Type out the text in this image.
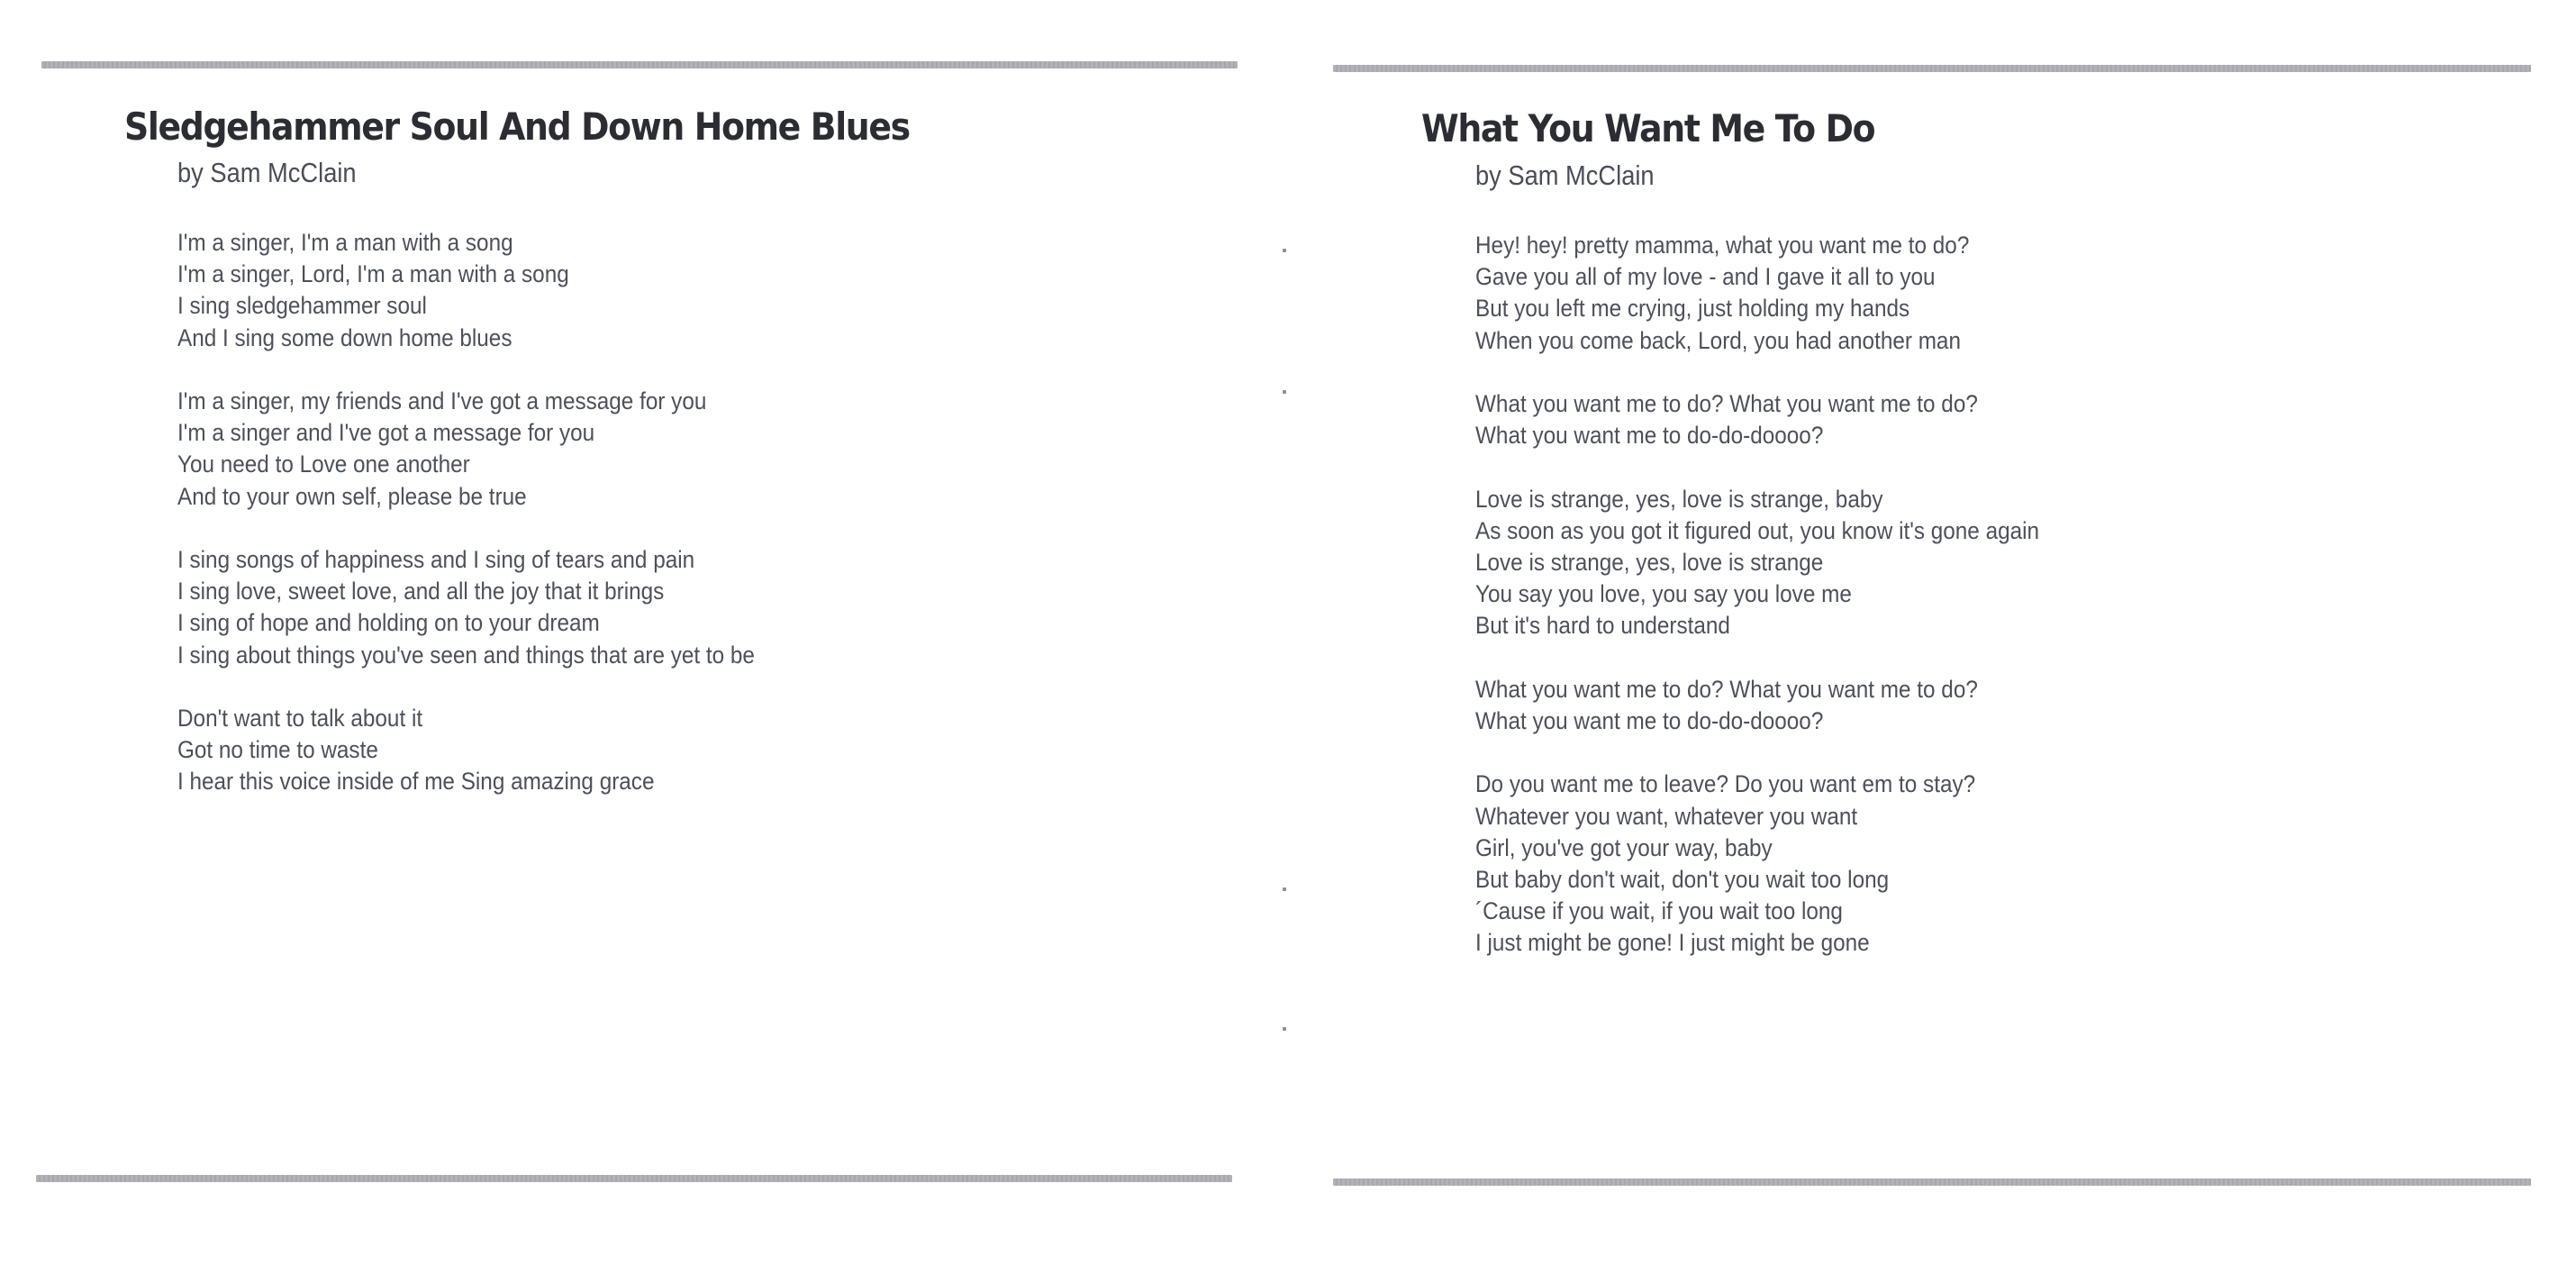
Sledgehammer Soul And Down Home Blues
by Sam McClain
I'm a singer, I'm a man with a song
I'm a singer, Lord, I'm a man with a song
I sing sledgehammer soul
And I sing some down home blues
I'm a singer, my friends and I've got a message for you
I'm a singer and I've got a message for you
You need to Love one another
And to your own self, please be true
I sing songs of happiness and I sing of tears and pain
I sing love, sweet love, and all the joy that it brings
I sing of hope and holding on to your dream
I sing about things you've seen and things that are yet to be
Don't want to talk about it
Got no time to waste
I hear this voice inside of me Sing amazing grace
What You Want Me To Do
by Sam McClain
Hey! hey! pretty mamma, what you want me to do?
Gave you all of my love - and I gave it all to you
But you left me crying, just holding my hands
When you come back, Lord, you had another man
What you want me to do? What you want me to do?
What you want me to do-do-doooo?
Love is strange, yes, love is strange, baby
As soon as you got it figured out, you know it's gone again
Love is strange, yes, love is strange
You say you love, you say you love me
But it's hard to understand
What you want me to do? What you want me to do?
What you want me to do-do-doooo?
Do you want me to leave? Do you want em to stay?
Whatever you want, whatever you want
Girl, you've got your way, baby
But baby don't wait, don't you wait too long
´Cause if you wait, if you wait too long
I just might be gone! I just might be gone
